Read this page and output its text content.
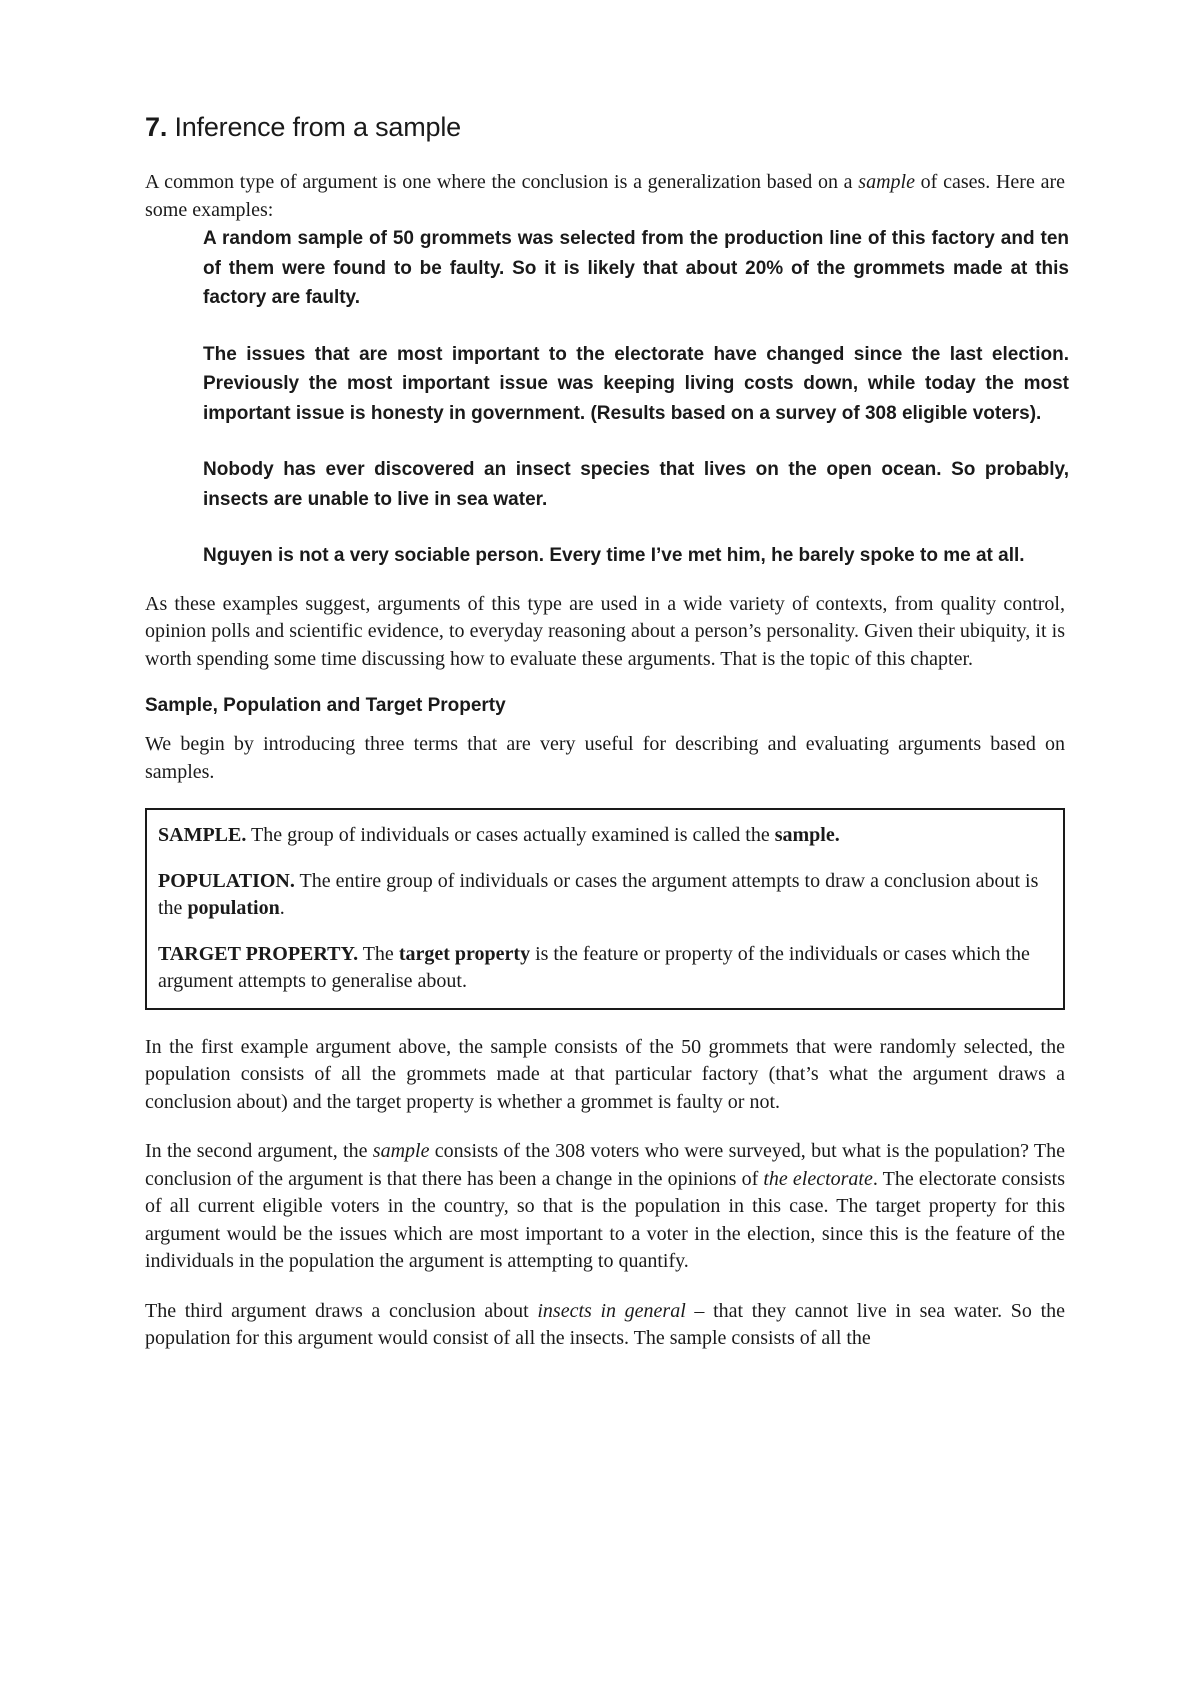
7. Inference from a sample

A common type of argument is one where the conclusion is a generalization based on a sample of cases. Here are some examples:

A random sample of 50 grommets was selected from the production line of this factory and ten of them were found to be faulty. So it is likely that about 20% of the grommets made at this factory are faulty.

The issues that are most important to the electorate have changed since the last election. Previously the most important issue was keeping living costs down, while today the most important issue is honesty in government. (Results based on a survey of 308 eligible voters).

Nobody has ever discovered an insect species that lives on the open ocean. So probably, insects are unable to live in sea water.

Nguyen is not a very sociable person. Every time I’ve met him, he barely spoke to me at all.

As these examples suggest, arguments of this type are used in a wide variety of contexts, from quality control, opinion polls and scientific evidence, to everyday reasoning about a person’s personality. Given their ubiquity, it is worth spending some time discussing how to evaluate these arguments. That is the topic of this chapter.

Sample, Population and Target Property

We begin by introducing three terms that are very useful for describing and evaluating arguments based on samples.

SAMPLE. The group of individuals or cases actually examined is called the sample.

POPULATION. The entire group of individuals or cases the argument attempts to draw a conclusion about is the population.

TARGET PROPERTY. The target property is the feature or property of the individuals or cases which the argument attempts to generalise about.

In the first example argument above, the sample consists of the 50 grommets that were randomly selected, the population consists of all the grommets made at that particular factory (that’s what the argument draws a conclusion about) and the target property is whether a grommet is faulty or not.

In the second argument, the sample consists of the 308 voters who were surveyed, but what is the population? The conclusion of the argument is that there has been a change in the opinions of the electorate. The electorate consists of all current eligible voters in the country, so that is the population in this case. The target property for this argument would be the issues which are most important to a voter in the election, since this is the feature of the individuals in the population the argument is attempting to quantify.

The third argument draws a conclusion about insects in general – that they cannot live in sea water. So the population for this argument would consist of all the insects. The sample consists of all the
